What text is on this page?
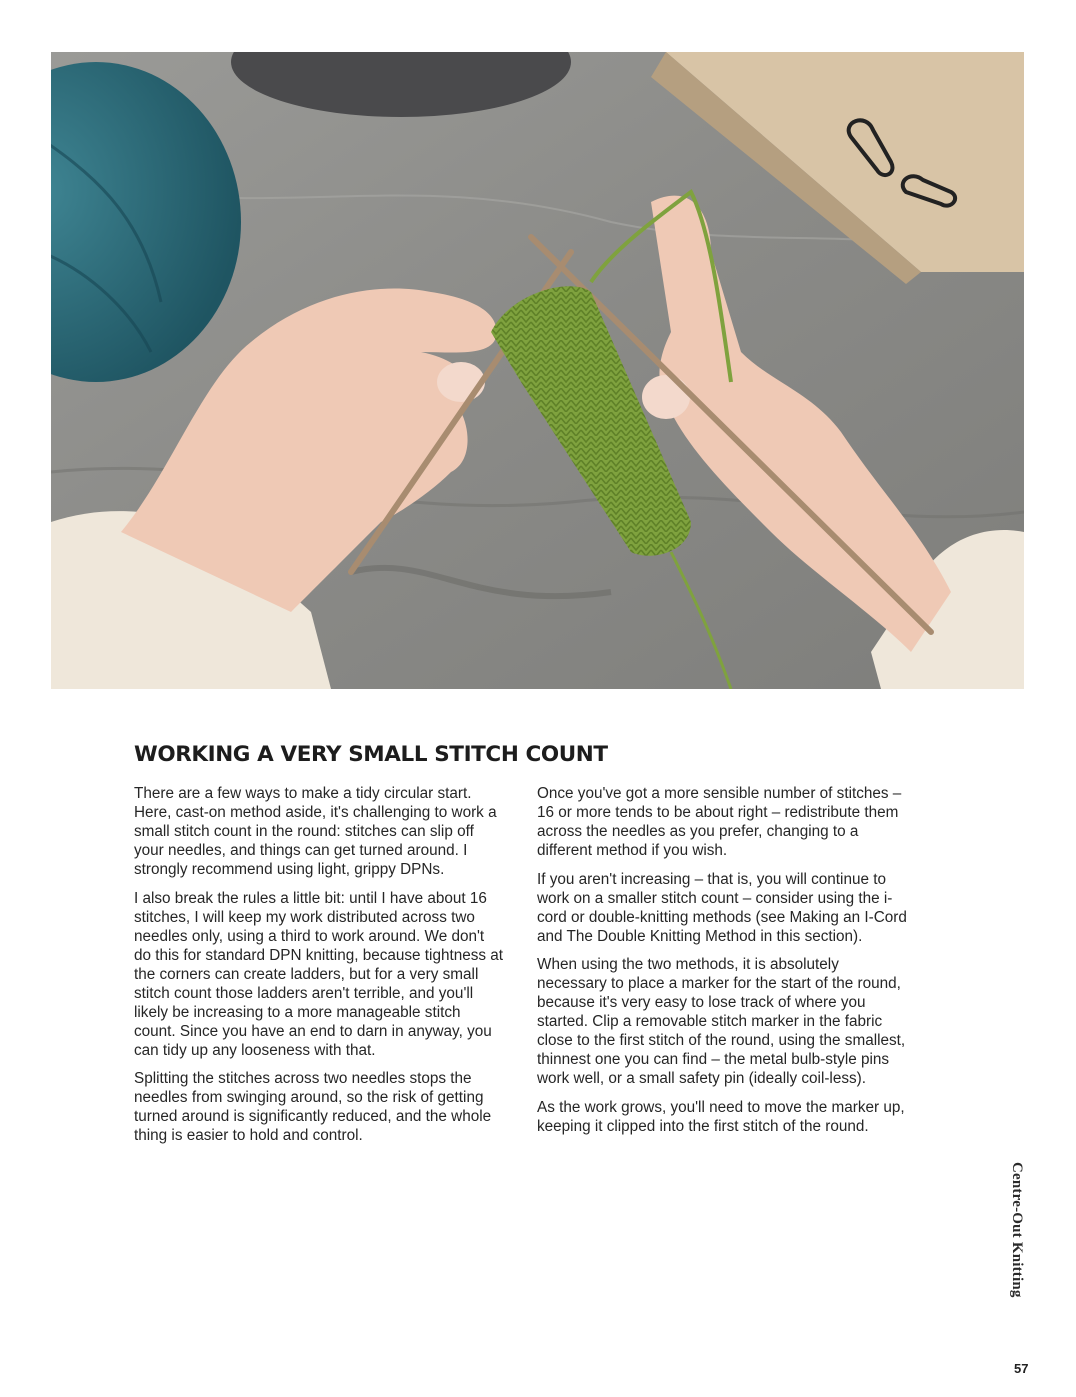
WORKING A VERY SMALL STITCH COUNT

There are a few ways to make a tidy circular start. Here, cast-on method aside, it's challenging to work a small stitch count in the round: stitches can slip off your needles, and things can get turned around. I strongly recommend using light, grippy DPNs.

I also break the rules a little bit: until I have about 16 stitches, I will keep my work distributed across two needles only, using a third to work around. We don't do this for standard DPN knitting, because tightness at the corners can create ladders, but for a very small stitch count those ladders aren't terrible, and you'll likely be increasing to a more manageable stitch count. Since you have an end to darn in anyway, you can tidy up any looseness with that.

Splitting the stitches across two needles stops the needles from swinging around, so the risk of getting turned around is significantly reduced, and the whole thing is easier to hold and control.

Once you've got a more sensible number of stitches – 16 or more tends to be about right – redistribute them across the needles as you prefer, changing to a different method if you wish.

If you aren't increasing – that is, you will continue to work on a smaller stitch count – consider using the i-cord or double-knitting methods (see Making an I-Cord and The Double Knitting Method in this section).

When using the two methods, it is absolutely necessary to place a marker for the start of the round, because it's very easy to lose track of where you started. Clip a removable stitch marker in the fabric close to the first stitch of the round, using the smallest, thinnest one you can find – the metal bulb-style pins work well, or a small safety pin (ideally coil-less).

As the work grows, you'll need to move the marker up, keeping it clipped into the first stitch of the round.

Centre-Out Knitting
57
